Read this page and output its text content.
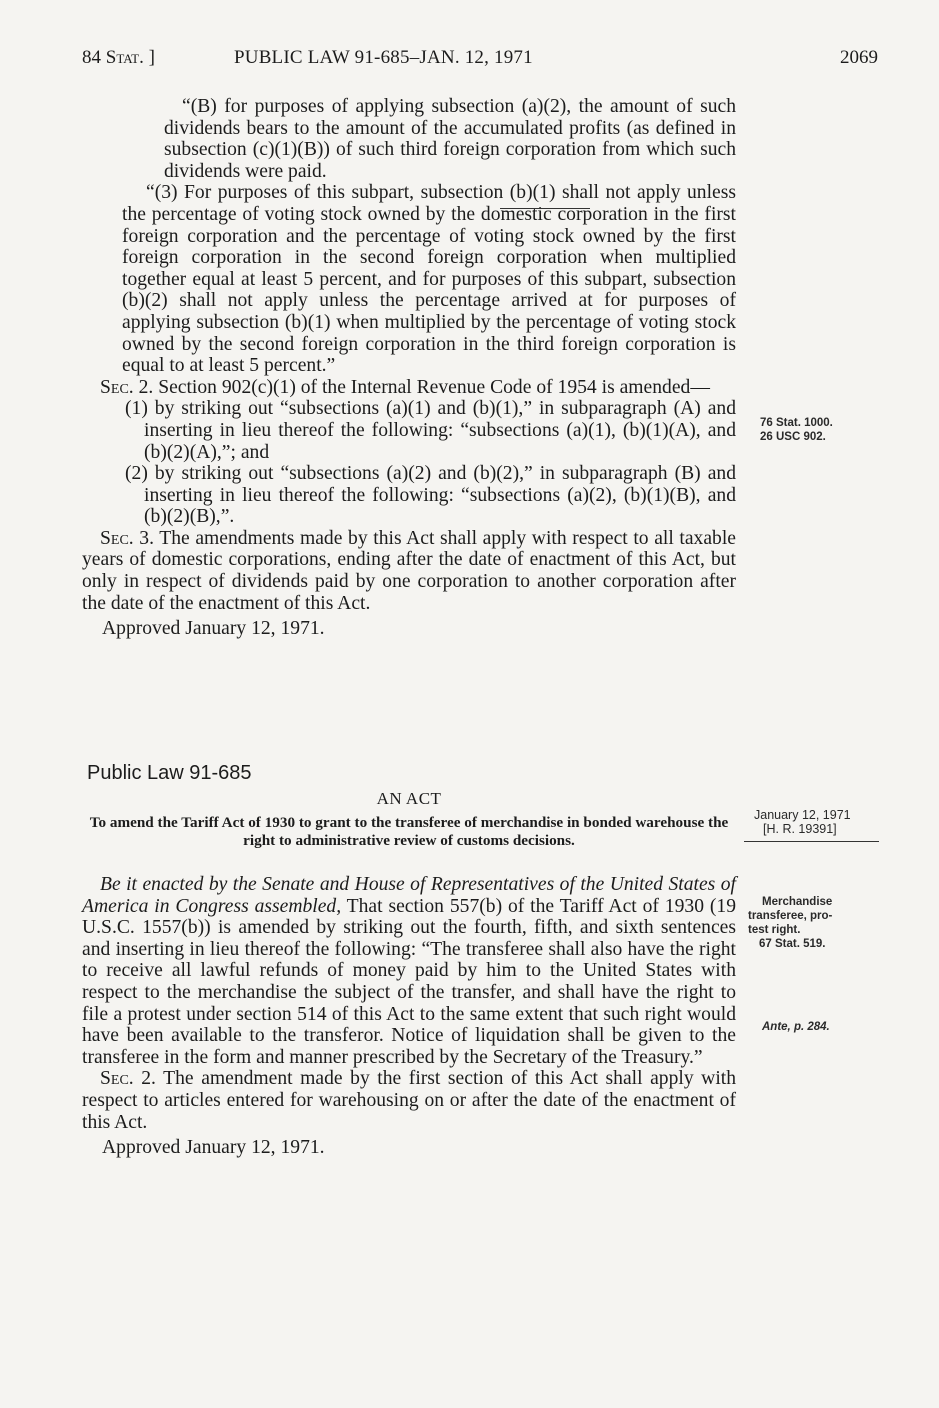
84 Stat. ]	PUBLIC LAW 91-685–JAN. 12, 1971	2069

“(B) for purposes of applying subsection (a)(2), the amount of such dividends bears to the amount of the accumulated profits (as defined in subsection (c)(1)(B)) of such third foreign corporation from which such dividends were paid.

“(3) For purposes of this subpart, subsection (b)(1) shall not apply unless the percentage of voting stock owned by the domestic corporation in the first foreign corporation and the percentage of voting stock owned by the first foreign corporation in the second foreign corporation when multiplied together equal at least 5 percent, and for purposes of this subpart, subsection (b)(2) shall not apply unless the percentage arrived at for purposes of applying subsection (b)(1) when multiplied by the percentage of voting stock owned by the second foreign corporation in the third foreign corporation is equal to at least 5 percent.”

Sec. 2. Section 902(c)(1) of the Internal Revenue Code of 1954 is amended—

(1) by striking out “subsections (a)(1) and (b)(1),” in subparagraph (A) and inserting in lieu thereof the following: “subsections (a)(1), (b)(1)(A), and (b)(2)(A),”; and

(2) by striking out “subsections (a)(2) and (b)(2),” in subparagraph (B) and inserting in lieu thereof the following: “subsections (a)(2), (b)(1)(B), and (b)(2)(B),”.

Sec. 3. The amendments made by this Act shall apply with respect to all taxable years of domestic corporations, ending after the date of enactment of this Act, but only in respect of dividends paid by one corporation to another corporation after the date of the enactment of this Act.

Approved January 12, 1971.

Public Law 91-685
AN ACT
To amend the Tariff Act of 1930 to grant to the transferee of merchandise in bonded warehouse the right to administrative review of customs decisions.

Be it enacted by the Senate and House of Representatives of the United States of America in Congress assembled, That section 557(b) of the Tariff Act of 1930 (19 U.S.C. 1557(b)) is amended by striking out the fourth, fifth, and sixth sentences and inserting in lieu thereof the following: “The transferee shall also have the right to receive all lawful refunds of money paid by him to the United States with respect to the merchandise the subject of the transfer, and shall have the right to file a protest under section 514 of this Act to the same extent that such right would have been available to the transferor. Notice of liquidation shall be given to the transferee in the form and manner prescribed by the Secretary of the Treasury.”

Sec. 2. The amendment made by the first section of this Act shall apply with respect to articles entered for warehousing on or after the date of the enactment of this Act.

Approved January 12, 1971.

76 Stat. 1000.
26 USC 902.
January 12, 1971
[H. R. 19391]
Merchandise
transferee, pro-
test right.
67 Stat. 519.
Ante, p. 284.
